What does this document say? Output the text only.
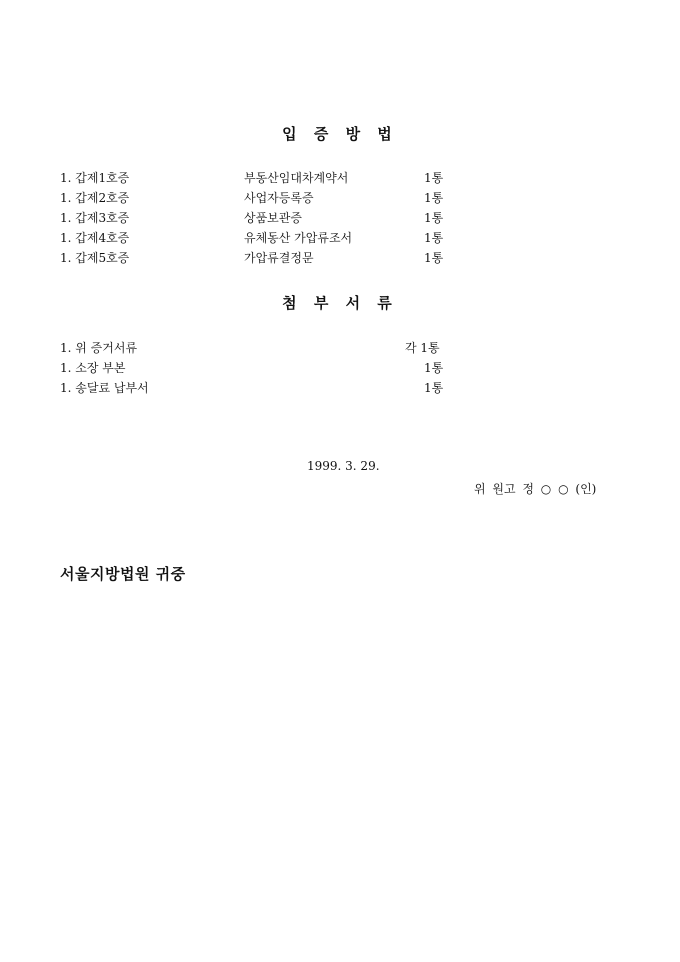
입 증 방 법
1. 갑제1호증	부동산임대차계약서	1통
1. 갑제2호증	사업자등록증	1통
1. 갑제3호증	상품보관증	1통
1. 갑제4호증	유체동산 가압류조서	1통
1. 갑제5호증	가압류결정문	1통
첨 부 서 류
1. 위 증거서류	각 1통
1. 소장 부본	1통
1. 송달료 납부서	1통
1999. 3. 29.
위 원고 정 ○ ○ (인)
서울지방법원 귀중
